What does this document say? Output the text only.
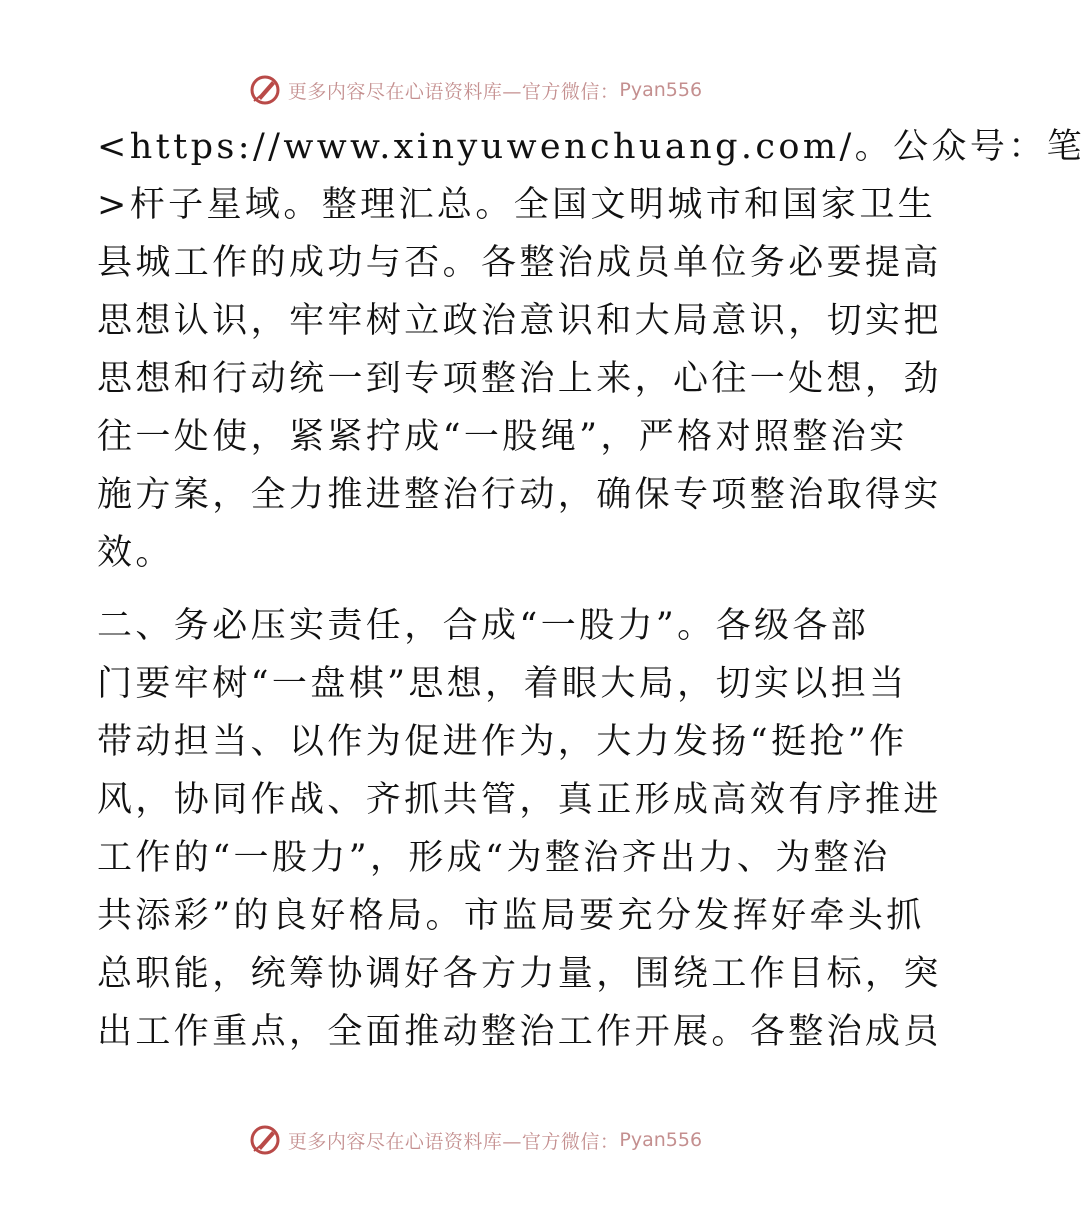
更多内容尽在心语资料库—官方微信： Pyan556
<https://www.xinyuwenchuang.com/。公众号：笔
>杆子星域。整理汇总。全国文明城市和国家卫生
县城工作的成功与否。各整治成员单位务必要提高
思想认识，牢牢树立政治意识和大局意识，切实把
思想和行动统一到专项整治上来，心往一处想，劲
往一处使，紧紧拧成“一股绳”，严格对照整治实
施方案，全力推进整治行动，确保专项整治取得实
效。
二、务必压实责任，合成“一股力”。各级各部
门要牢树“一盘棋”思想，着眼大局，切实以担当
带动担当、以作为促进作为，大力发扬“挺抢”作
风，协同作战、齐抓共管，真正形成高效有序推进
工作的“一股力”，形成“为整治齐出力、为整治
共添彩”的良好格局。市监局要充分发挥好牵头抓
总职能，统筹协调好各方力量，围绕工作目标，突
出工作重点，全面推动整治工作开展。各整治成员
更多内容尽在心语资料库—官方微信： Pyan556
